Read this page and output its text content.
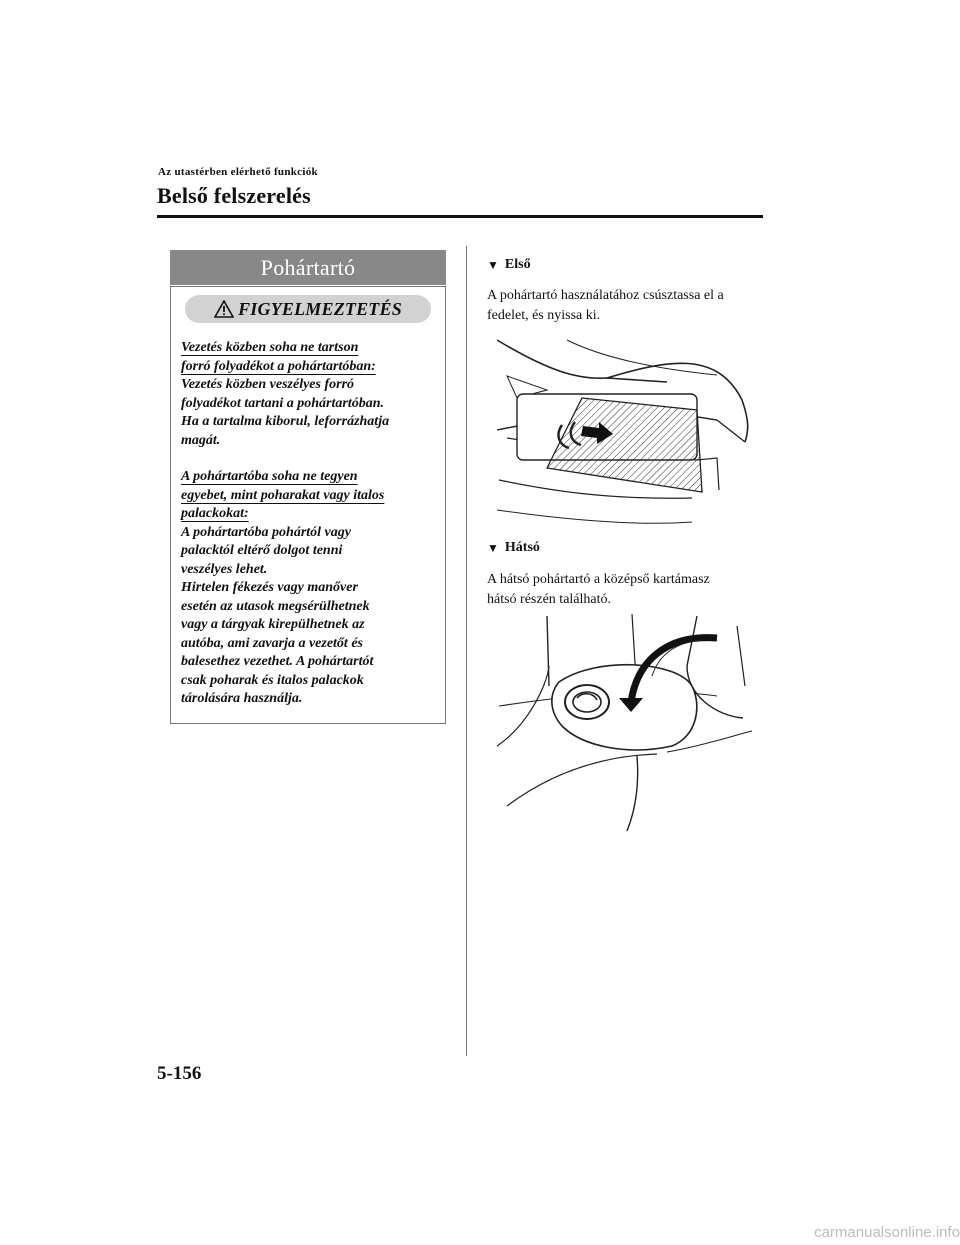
Az utastérben elérhető funkciók
Belső felszerelés
Pohártartó
FIGYELMEZTETÉS

Vezetés közben soha ne tartson

forró folyadékot a pohártartóban:

Vezetés közben veszélyes forró

folyadékot tartani a pohártartóban.

Ha a tartalma kiborul, leforrázhatja

magát.

A pohártartóba soha ne tegyen

egyebet, mint poharakat vagy italos

palackokat:

A pohártartóba pohártól vagy

palacktól eltérő dolgot tenni

veszélyes lehet.

Hirtelen fékezés vagy manőver

esetén az utasok megsérülhetnek

vagy a tárgyak kirepülhetnek az

autóba, ami zavarja a vezetőt és

balesethez vezethet. A pohártartót

csak poharak és italos palackok

tárolására használja.

▼ Első
A pohártartó használatához csúsztassa el a
fedelet, és nyissa ki.
▼ Hátsó
A hátsó pohártartó a középső kartámasz
hátsó részén található.
5-156
carmanualsonline.info
